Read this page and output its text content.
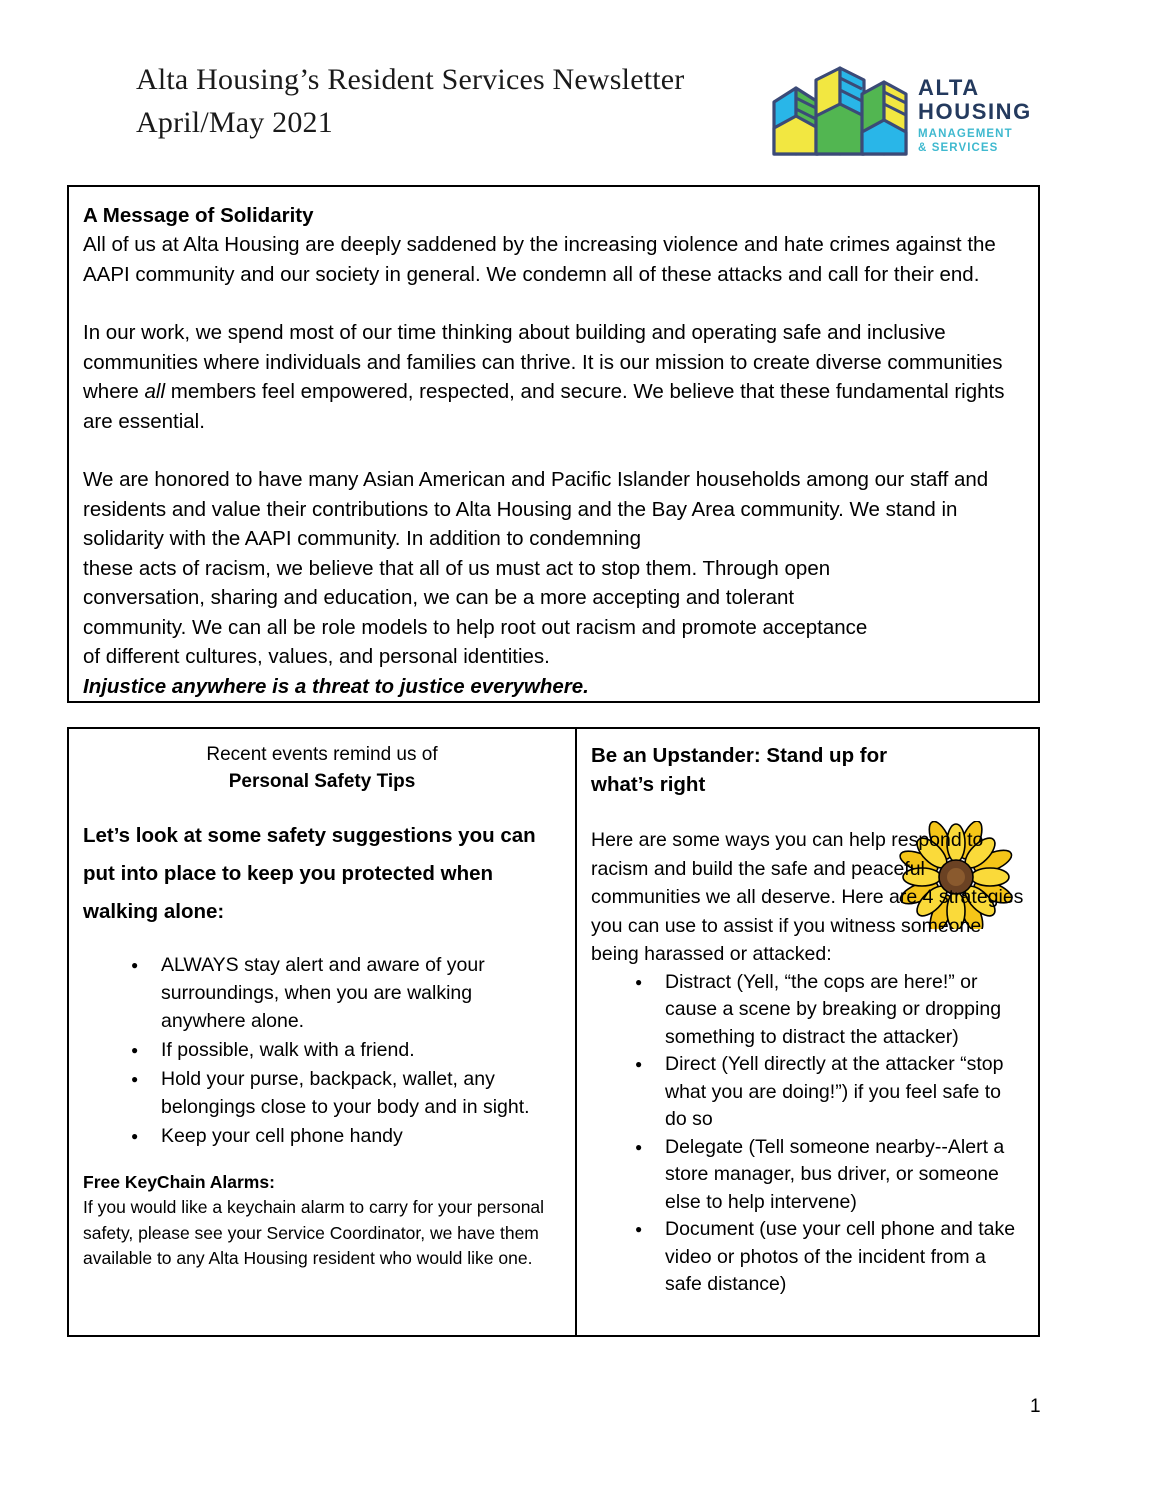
Alta Housing’s Resident Services Newsletter
April/May 2021
ALTA
HOUSING
MANAGEMENT
& SERVICES
A Message of Solidarity
All of us at Alta Housing are deeply saddened by the increasing violence and hate crimes against the AAPI community and our society in general. We condemn all of these attacks and call for their end.
In our work, we spend most of our time thinking about building and operating safe and inclusive communities where individuals and families can thrive. It is our mission to create diverse communities where all members feel empowered, respected, and secure. We believe that these fundamental rights are essential.
We are honored to have many Asian American and Pacific Islander households among our staff and residents and value their contributions to Alta Housing and the Bay Area community. We stand in solidarity with the AAPI community. In addition to condemning
these acts of racism, we believe that all of us must act to stop them. Through open conversation, sharing and education, we can be a more accepting and tolerant community. We can all be role models to help root out racism and promote acceptance of different cultures, values, and personal identities.
Injustice anywhere is a threat to justice everywhere.
Recent events remind us of
Personal Safety Tips
Let’s look at some safety suggestions you can put into place to keep you protected when walking alone:
● ALWAYS stay alert and aware of your surroundings, when you are walking anywhere alone.
● If possible, walk with a friend.
● Hold your purse, backpack, wallet, any belongings close to your body and in sight.
● Keep your cell phone handy
Free KeyChain Alarms:
If you would like a keychain alarm to carry for your personal safety, please see your Service Coordinator, we have them available to any Alta Housing resident who would like one.
Be an Upstander: Stand up for
what’s right
Here are some ways you can help respond to racism and build the safe and peaceful communities we all deserve. Here are 4 strategies you can use to assist if you witness someone being harassed or attacked:
● Distract (Yell, “the cops are here!” or cause a scene by breaking or dropping something to distract the attacker)
● Direct (Yell directly at the attacker “stop what you are doing!”) if you feel safe to do so
● Delegate (Tell someone nearby--Alert a store manager, bus driver, or someone else to help intervene)
● Document (use your cell phone and take video or photos of the incident from a safe distance)
1
